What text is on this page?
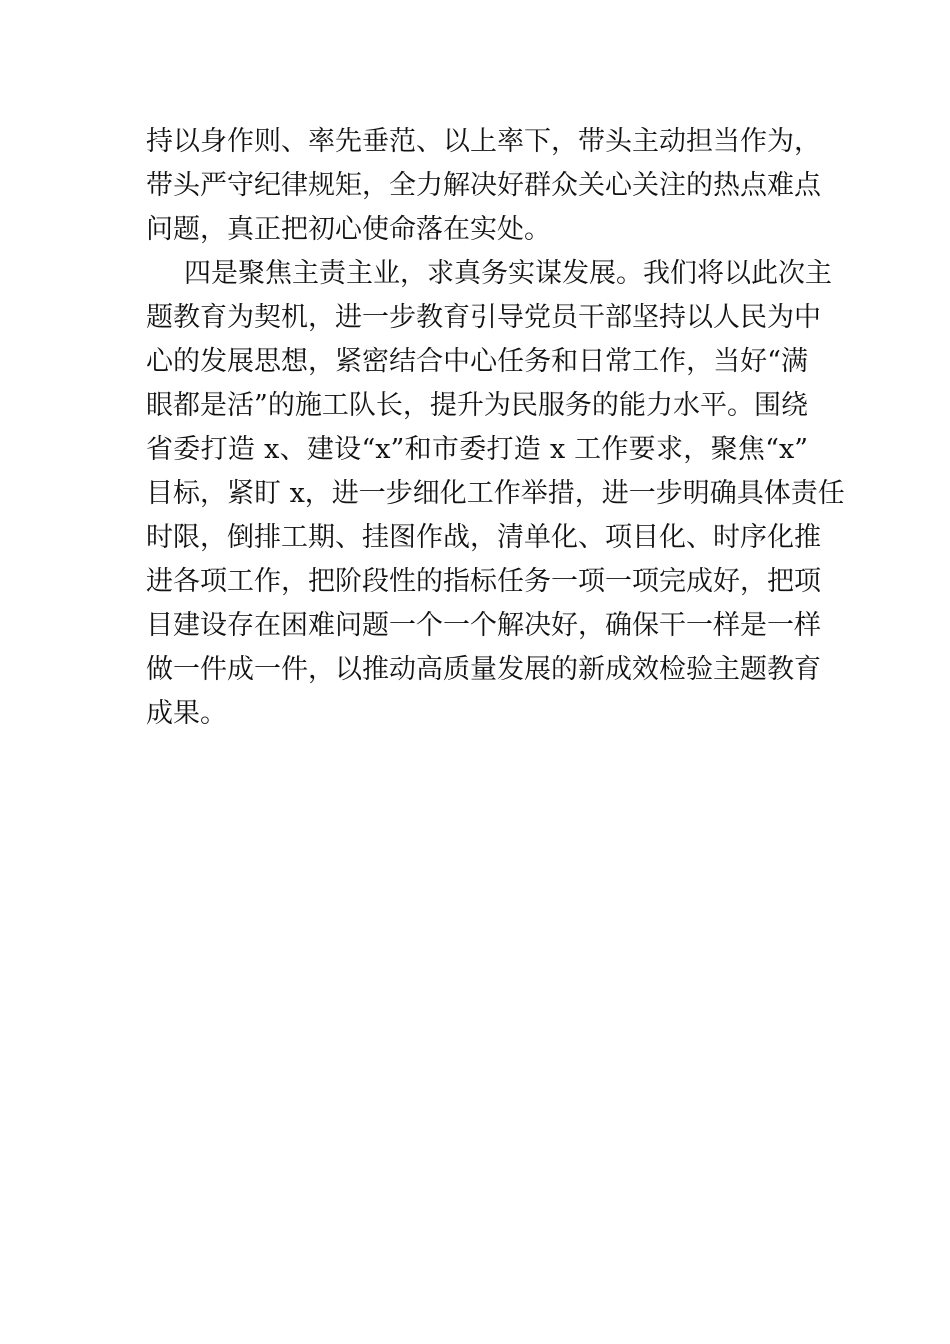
持以身作则、率先垂范、以上率下，带头主动担当作为，
带头严守纪律规矩，全力解决好群众关心关注的热点难点
问题，真正把初心使命落在实处。
四是聚焦主责主业，求真务实谋发展。我们将以此次主
题教育为契机，进一步教育引导党员干部坚持以人民为中
心的发展思想，紧密结合中心任务和日常工作，当好“满
眼都是活”的施工队长，提升为民服务的能力水平。围绕
省委打造 x、建设“x”和市委打造 x 工作要求，聚焦“x”
目标，紧盯 x，进一步细化工作举措，进一步明确具体责任
时限，倒排工期、挂图作战，清单化、项目化、时序化推
进各项工作，把阶段性的指标任务一项一项完成好，把项
目建设存在困难问题一个一个解决好，确保干一样是一样
做一件成一件，以推动高质量发展的新成效检验主题教育
成果。
